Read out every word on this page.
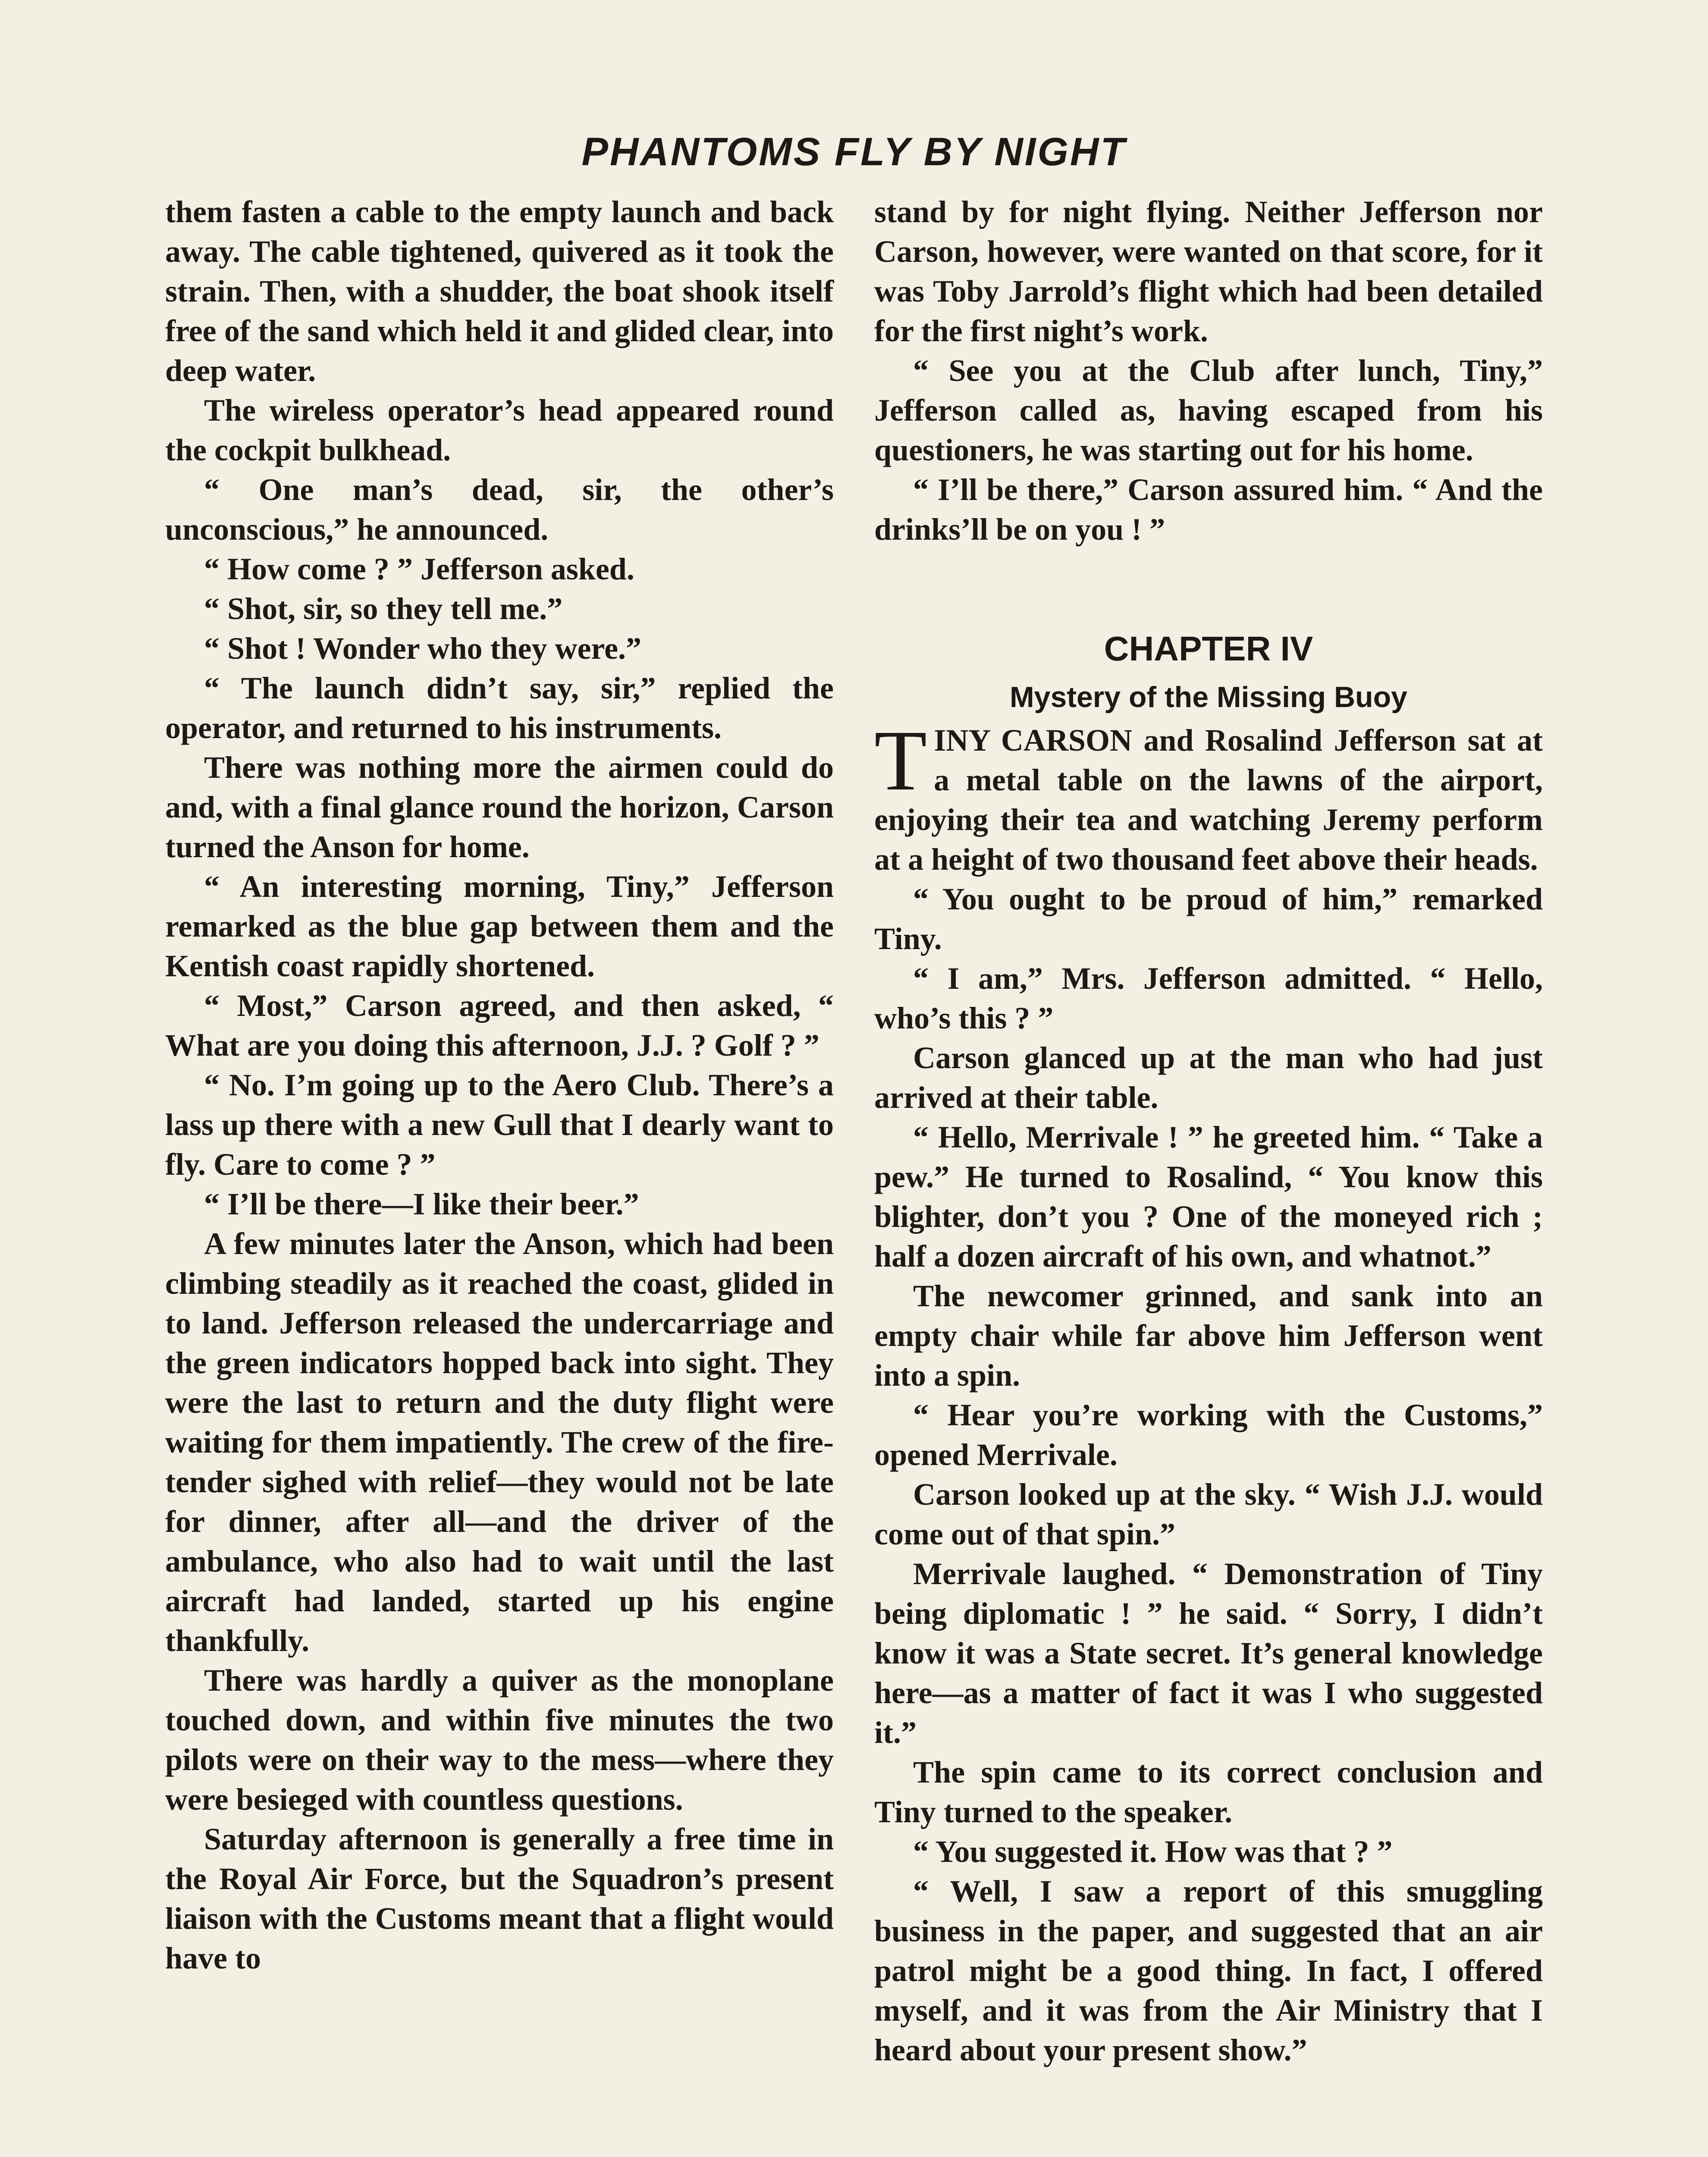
PHANTOMS FLY BY NIGHT

them fasten a cable to the empty launch and back away. The cable tightened, quivered as it took the strain. Then, with a shudder, the boat shook itself free of the sand which held it and glided clear, into deep water.

The wireless operator’s head appeared round the cockpit bulkhead.

“ One man’s dead, sir, the other’s unconscious,” he announced.

“ How come ? ” Jefferson asked.

“ Shot, sir, so they tell me.”

“ Shot ! Wonder who they were.”

“ The launch didn’t say, sir,” replied the operator, and returned to his instruments.

There was nothing more the airmen could do and, with a final glance round the horizon, Carson turned the Anson for home.

“ An interesting morning, Tiny,” Jefferson remarked as the blue gap between them and the Kentish coast rapidly shortened.

“ Most,” Carson agreed, and then asked, “ What are you doing this afternoon, J.J. ? Golf ? ”

“ No. I’m going up to the Aero Club. There’s a lass up there with a new Gull that I dearly want to fly. Care to come ? ”

“ I’ll be there—I like their beer.”

A few minutes later the Anson, which had been climbing steadily as it reached the coast, glided in to land. Jefferson released the undercarriage and the green indicators hopped back into sight. They were the last to return and the duty flight were waiting for them impatiently. The crew of the fire-tender sighed with relief—they would not be late for dinner, after all—and the driver of the ambulance, who also had to wait until the last aircraft had landed, started up his engine thankfully.

There was hardly a quiver as the monoplane touched down, and within five minutes the two pilots were on their way to the mess—where they were besieged with countless questions.

Saturday afternoon is generally a free time in the Royal Air Force, but the Squadron’s present liaison with the Customs meant that a flight would have to

stand by for night flying. Neither Jefferson nor Carson, however, were wanted on that score, for it was Toby Jarrold’s flight which had been detailed for the first night’s work.

“ See you at the Club after lunch, Tiny,” Jefferson called as, having escaped from his questioners, he was starting out for his home.

“ I’ll be there,” Carson assured him. “ And the drinks’ll be on you ! ”

CHAPTER IV

Mystery of the Missing Buoy

TINY CARSON and Rosalind Jefferson sat at a metal table on the lawns of the airport, enjoying their tea and watching Jeremy perform at a height of two thousand feet above their heads.

“ You ought to be proud of him,” remarked Tiny.

“ I am,” Mrs. Jefferson admitted. “ Hello, who’s this ? ”

Carson glanced up at the man who had just arrived at their table.

“ Hello, Merrivale ! ” he greeted him. “ Take a pew.” He turned to Rosalind, “ You know this blighter, don’t you ? One of the moneyed rich ; half a dozen aircraft of his own, and whatnot.”

The newcomer grinned, and sank into an empty chair while far above him Jefferson went into a spin.

“ Hear you’re working with the Customs,” opened Merrivale.

Carson looked up at the sky. “ Wish J.J. would come out of that spin.”

Merrivale laughed. “ Demonstration of Tiny being diplomatic ! ” he said. “ Sorry, I didn’t know it was a State secret. It’s general knowledge here—as a matter of fact it was I who suggested it.”

The spin came to its correct conclusion and Tiny turned to the speaker.

“ You suggested it. How was that ? ”

“ Well, I saw a report of this smuggling business in the paper, and suggested that an air patrol might be a good thing. In fact, I offered myself, and it was from the Air Ministry that I heard about your present show.”
